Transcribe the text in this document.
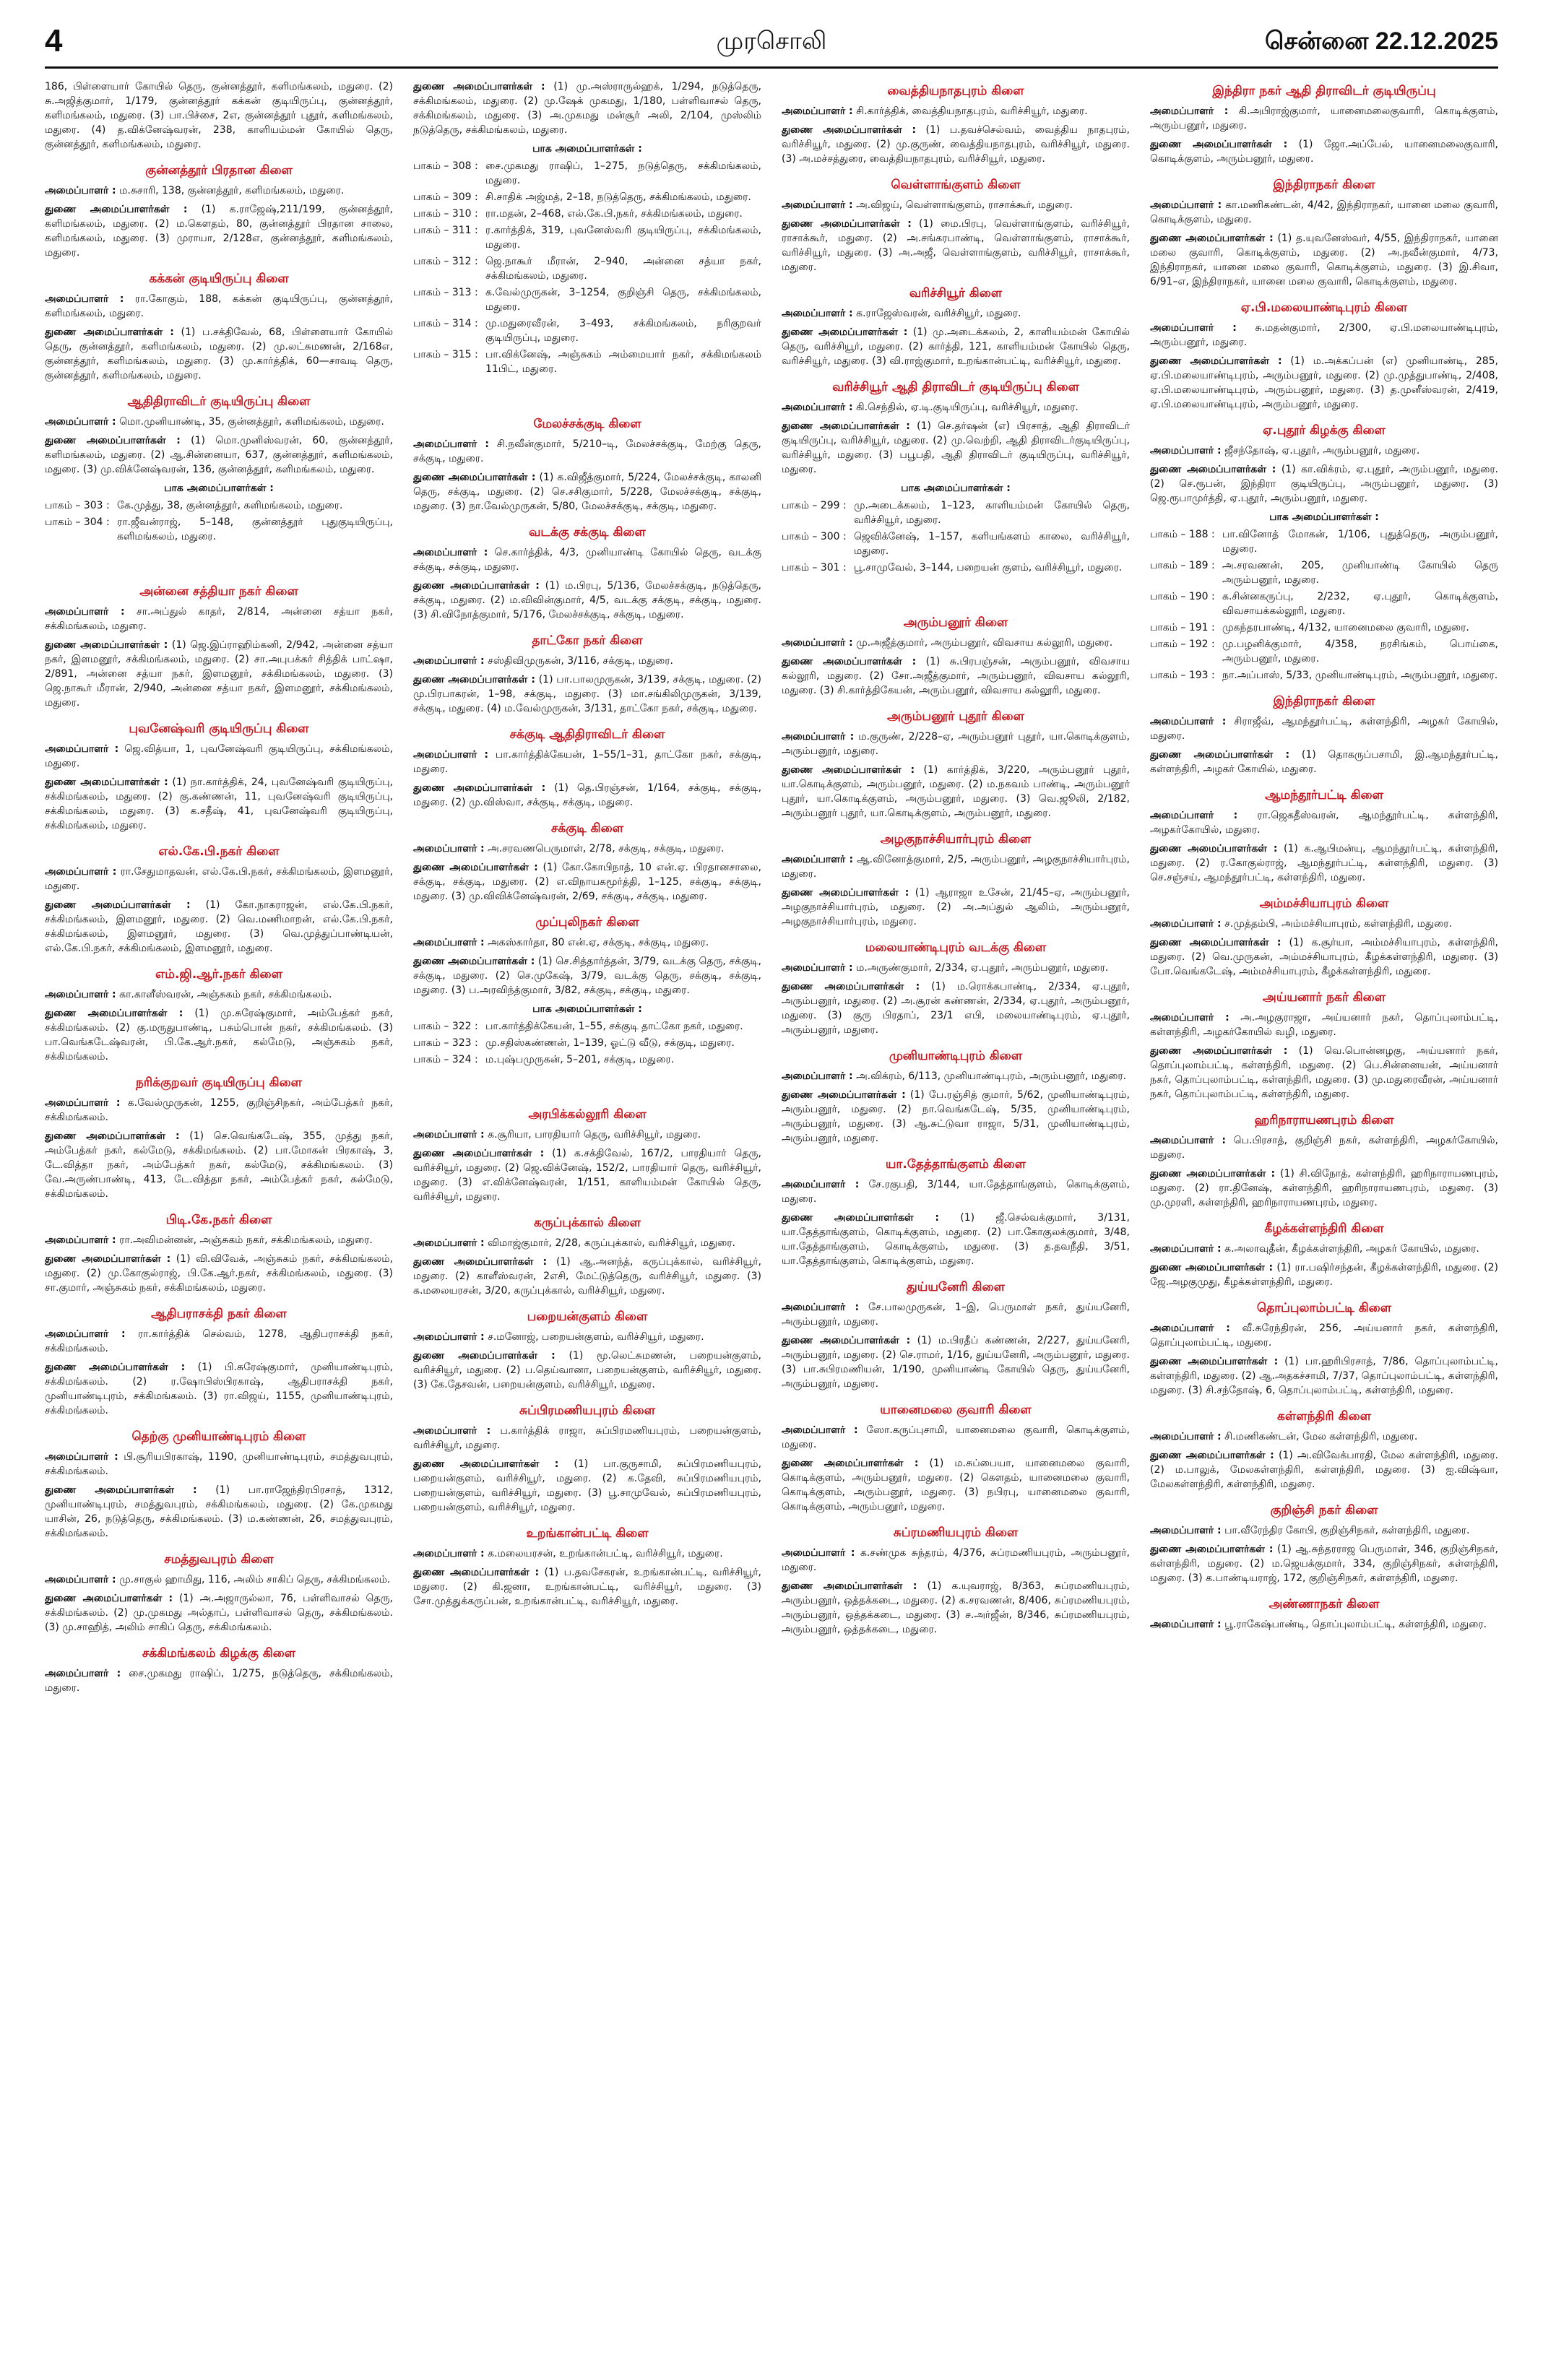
4	முரசொலி	சென்னை 22.12.2025
186, பிள்ளையார் கோயில் தெரு, குன்னத்தூர், களிமங்கலம், மதுரை. (2) சு.அஜித்குமார், 1/179, குன்னத்தூர் கக்கன் குடியிருப்பு, குன்னத்தூர், களிமங்கலம், மதுரை. (3) பா.பிச்சை, 2எ, குன்னத்தூர் புதூர், களிமங்கலம், மதுரை. (4) த.விக்னேஷ்வரன், 238, காளியம்மன் கோயில் தெரு, குன்னத்தூர், களிமங்கலம், மதுரை.
குன்னத்தூர் பிரதான கிளை
அமைப்பாளர் : ம.சுசாரி, 138, குன்னத்தூர், களிமங்கலம், மதுரை.
துணை அமைப்பாளர்கள் : (1) க.ராஜேஷ்,211/199, குன்னத்தூர், களிமங்கலம், மதுரை. (2) ம.கௌதம், 80, குன்னத்தூர் பிரதான சாலை, களிமங்கலம், மதுரை. (3) முராயா, 2/128எ, குன்னத்தூர், களிமங்கலம், மதுரை.
கக்கன் குடியிருப்பு கிளை
அமைப்பாளர் : ரா.கோகும், 188, கக்கன் குடியிருப்பு, குன்னத்தூர், களிமங்கலம், மதுரை.
துணை அமைப்பாளர்கள் : (1) ப.சக்திவேல், 68, பிள்ளையார் கோயில் தெரு, குன்னத்தூர், களிமங்கலம், மதுரை. (2) மு.லட்சுமணன், 2/168எ, குன்னத்தூர், களிமங்கலம், மதுரை. (3) மு.கார்த்திக், 60—சாவடி தெரு, குன்னத்தூர், களிமங்கலம், மதுரை.
ஆதிதிராவிடர் குடியிருப்பு கிளை
அமைப்பாளர் : மொ.முனியாண்டி, 35, குன்னத்தூர், களிமங்கலம், மதுரை.
துணை அமைப்பாளர்கள் : (1) மொ.முனிஸ்வரன், 60, குன்னத்தூர், களிமங்கலம், மதுரை. (2) ஆ.சின்னையா, 637, குன்னத்தூர், களிமங்கலம், மதுரை. (3) மு.விக்னேஷ்வரன், 136, குன்னத்தூர், களிமங்கலம், மதுரை.
பாக அமைப்பாளர்கள் :
பாகம் – 303 : கே.முத்து, 38, குன்னத்தூர், களிமங்கலம், மதுரை.
பாகம் – 304 : ரா.ஜீவன்ராஜ், 5–148, குன்னத்தூர் புதுகுடியிருப்பு, களிமங்கலம், மதுரை.
அன்னை சத்தியா நகர் கிளை
அமைப்பாளர் : சா.அப்துல் காதர், 2/814, அன்னை சத்யா நகர், சக்கிமங்கலம், மதுரை.
துணை அமைப்பாளர்கள் : (1) ஜெ.இப்ராஹிம்கனி, 2/942, அன்னை சத்யா நகர், இளமனூர், சக்கிமங்கலம், மதுரை. (2) சா.அபுபக்கர் சித்திக் பாட்ஷா, 2/891, அன்னை சத்யா நகர், இளமனூர், சக்கிமங்கலம், மதுரை. (3) ஜெ.நாகூர் மீரான், 2/940, அன்னை சத்யா நகர், இளமனூர், சக்கிமங்கலம், மதுரை.
புவனேஷ்வரி குடியிருப்பு கிளை
அமைப்பாளர் : ஜெ.வித்யா, 1, புவனேஷ்வரி குடியிருப்பு, சக்கிமங்கலம், மதுரை.
துணை அமைப்பாளர்கள் : (1) நா.கார்த்திக், 24, புவனேஷ்வரி குடியிருப்பு, சக்கிமங்கலம், மதுரை. (2) கு.கண்ணன், 11, புவனேஷ்வரி குடியிருப்பு, சக்கிமங்கலம், மதுரை. (3) க.சதீஷ், 41, புவனேஷ்வரி குடியிருப்பு, சக்கிமங்கலம், மதுரை.
எல்.கே.பி.நகர் கிளை
அமைப்பாளர் : ரா.சேதுமாதவன், எல்.கே.பி.நகர், சக்கிமங்கலம், இளமனூர், மதுரை.
துணை அமைப்பாளர்கள் : (1) கோ.நாகராஜன், எல்.கே.பி.நகர், சக்கிமங்கலம், இளமனூர், மதுரை. (2) வெ.மணிமாறன், எல்.கே.பி.நகர், சக்கிமங்கலம், இளமனூர், மதுரை. (3) வெ.முத்துப்பாண்டியன், எல்.கே.பி.நகர், சக்கிமங்கலம், இளமனூர், மதுரை.
எம்.ஜி.ஆர்.நகர் கிளை
அமைப்பாளர் : கா.காளீஸ்வரன், அஞ்சுகம் நகர், சக்கிமங்கலம்.
துணை அமைப்பாளர்கள் : (1) மு.சுரேஷ்குமார், அம்பேத்கர் நகர், சக்கிமங்கலம். (2) கு.மருதுபாண்டி, பசும்பொன் நகர், சக்கிமங்கலம். (3) பா.வெங்கடேஷ்வரன், பி.கே.ஆர்.நகர், கல்மேடு, அஞ்சுகம் நகர், சக்கிமங்கலம்.
நரிக்குறவர் குடியிருப்பு கிளை
அமைப்பாளர் : க.வேல்முருகன், 1255, குறிஞ்சிநகர், அம்பேத்கர் நகர், சக்கிமங்கலம்.
துணை அமைப்பாளர்கள் : (1) செ.வெங்கடேஷ், 355, முத்து நகர், அம்பேத்கர் நகர், கல்மேடு, சக்கிமங்கலம். (2) பா.மோகன் பிரகாஷ், 3, டே.வித்தா நகர், அம்பேத்கர் நகர், கல்மேடு, சக்கிமங்கலம். (3) வே.அருண்பாண்டி, 413, டே.வித்தா நகர், அம்பேத்கர் நகர், கல்மேடு, சக்கிமங்கலம்.
பிடி.கே.நகர் கிளை
அமைப்பாளர் : ரா.அவிமன்னன், அஞ்சுகம் நகர், சக்கிமங்கலம், மதுரை.
துணை அமைப்பாளர்கள் : (1) வி.விவேக், அஞ்சுகம் நகர், சக்கிமங்கலம், மதுரை. (2) மு.கோகுல்ராஜ், பி.கே.ஆர்.நகர், சக்கிமங்கலம், மதுரை. (3) சா.குமார், அஞ்சுகம் நகர், சக்கிமங்கலம், மதுரை.
ஆதிபராசக்தி நகர் கிளை
அமைப்பாளர் : ரா.கார்த்திக் செல்வம், 1278, ஆதிபராசக்தி நகர், சக்கிமங்கலம்.
துணை அமைப்பாளர்கள் : (1) பி.சுரேஷ்குமார், முனியாண்டிபுரம், சக்கிமங்கலம். (2) ர.ஷோபிஸ்பிரகாஷ், ஆதிபராசக்தி நகர், முனியாண்டிபுரம், சக்கிமங்கலம். (3) ரா.விஜய், 1155, முனியாண்டிபுரம், சக்கிமங்கலம்.
தெற்கு முனியாண்டிபுரம் கிளை
அமைப்பாளர் : பி.சூரியபிரகாஷ், 1190, முனியாண்டிபுரம், சமத்துவபுரம், சக்கிமங்கலம்.
துணை அமைப்பாளர்கள் : (1) பா.ராஜேந்திரபிரசாத், 1312, முனியாண்டிபுரம், சமத்துவபுரம், சக்கிமங்கலம், மதுரை. (2) கே.முகமது யாசின், 26, நடுத்தெரு, சக்கிமங்கலம். (3) ம.கண்ணன், 26, சமத்துவபுரம், சக்கிமங்கலம்.
சமத்துவபுரம் கிளை
அமைப்பாளர் : மு.சாகுல் ஹாமிது, 116, அலிம் சாகிப் தெரு, சக்கிமங்கலம்.
துணை அமைப்பாளர்கள் : (1) அ.அஜாருல்லா, 76, பள்ளிவாசல் தெரு, சக்கிமங்கலம். (2) மு.முகமது அல்தாப், பள்ளிவாசல் தெரு, சக்கிமங்கலம். (3) மு.சாஹித், அலிம் சாகிப் தெரு, சக்கிமங்கலம்.
சக்கிமங்கலம் கிழக்கு கிளை
அமைப்பாளர் : சை.முகமது ராஷிப், 1/275, நடுத்தெரு, சக்கிமங்கலம், மதுரை.
துணை அமைப்பாளர்கள் : (1) மு.அஸ்ராருல்ஹக், 1/294, நடுத்தெரு, சக்கிமங்கலம், மதுரை. (2) மு.ஷேக் முகமது, 1/180, பள்ளிவாசல் தெரு, சக்கிமங்கலம், மதுரை. (3) அ.முகமது மன்சூர் அலி, 2/104, முஸ்லிம் நடுத்தெரு, சக்கிமங்கலம், மதுரை.
பாக அமைப்பாளர்கள் :
பாகம் – 308 : சை.முகமது ராஷிப், 1–275, நடுத்தெரு, சக்கிமங்கலம், மதுரை.
பாகம் – 309 : சி.சாதிக் அஜ்மத், 2–18, நடுத்தெரு, சக்கிமங்கலம், மதுரை.
பாகம் – 310 : ரா.மதன், 2–468, எல்.கே.பி.நகர், சக்கிமங்கலம், மதுரை.
பாகம் – 311 : ர.கார்த்திக், 319, புவனேஸ்வரி குடியிருப்பு, சக்கிமங்கலம், மதுரை.
பாகம் – 312 : ஜெ.நாகூர் மீரான், 2–940, அன்னை சத்யா நகர், சக்கிமங்கலம், மதுரை.
பாகம் – 313 : க.வேல்முருகன், 3–1254, குறிஞ்சி தெரு, சக்கிமங்கலம், மதுரை.
பாகம் – 314 : மு.மதுரைவீரன், 3–493, சக்கிமங்கலம், நரிகுறவர் குடியிருப்பு, மதுரை.
பாகம் – 315 : பா.விக்னேஷ், அஞ்சுகம் அம்மையார் நகர், சக்கிமங்கலம் 11பிட், மதுரை.
மேலச்சக்குடி கிளை
அமைப்பாளர் : சி.நவீன்குமார், 5/210–டி, மேலச்சக்குடி, மேற்கு தெரு, சக்குடி, மதுரை.
துணை அமைப்பாளர்கள் : (1) க.விஜீத்குமார், 5/224, மேலச்சக்குடி, காலனி தெரு, சக்குடி, மதுரை. (2) செ.சசிகுமார், 5/228, மேலச்சக்குடி, சக்குடி, மதுரை. (3) நா.வேல்முருகன், 5/80, மேலச்சக்குடி, சக்குடி, மதுரை.
வடக்கு சக்குடி கிளை
அமைப்பாளர் : செ.கார்த்திக், 4/3, முனியாண்டி கோயில் தெரு, வடக்கு சக்குடி, சக்குடி, மதுரை.
துணை அமைப்பாளர்கள் : (1) ம.பிரபு, 5/136, மேலச்சக்குடி, நடுத்தெரு, சக்குடி, மதுரை. (2) ம.விவின்குமார், 4/5, வடக்கு சக்குடி, சக்குடி, மதுரை. (3) சி.விநோத்குமார், 5/176, மேலச்சக்குடி, சக்குடி, மதுரை.
தாட்கோ நகர் கிளை
அமைப்பாளர் : சஸ்திவிமுருகன், 3/116, சக்குடி, மதுரை.
துணை அமைப்பாளர்கள் : (1) பா.பாலமுருகன், 3/139, சக்குடி, மதுரை. (2) மு.பிரபாகரன், 1–98, சக்குடி, மதுரை. (3) மா.சங்கிலிமுருகன், 3/139, சக்குடி, மதுரை. (4) ம.வேல்முருகன், 3/131, தாட்கோ நகர், சக்குடி, மதுரை.
சக்குடி ஆதிதிராவிடர் கிளை
அமைப்பாளர் : பா.கார்த்திக்கேயன், 1–55/1–31, தாட்கோ நகர், சக்குடி, மதுரை.
துணை அமைப்பாளர்கள் : (1) தெ.பிரஞ்சன், 1/164, சக்குடி, சக்குடி, மதுரை. (2) மு.விஸ்வா, சக்குடி, சக்குடி, மதுரை.
சக்குடி கிளை
அமைப்பாளர் : அ.சரவணபெருமாள், 2/78, சக்குடி, சக்குடி, மதுரை.
துணை அமைப்பாளர்கள் : (1) கோ.கோபிநாத், 10 என்.ஏ. பிரதானசாலை, சக்குடி, சக்குடி, மதுரை. (2) எ.விநாயகமூர்த்தி, 1–125, சக்குடி, சக்குடி, மதுரை. (3) மு.விவிக்னேஷ்வரன், 2/69, சக்குடி, சக்குடி, மதுரை.
முப்புலிநகர் கிளை
அமைப்பாளர் : அகஸ்கார்தா, 80 என்.ஏ, சக்குடி, சக்குடி, மதுரை.
துணை அமைப்பாளர்கள் : (1) செ.சித்தார்த்தன், 3/79, வடக்கு தெரு, சக்குடி, சக்குடி, மதுரை. (2) செ.முகேஷ், 3/79, வடக்கு தெரு, சக்குடி, சக்குடி, மதுரை. (3) ப.அரவிந்த்குமார், 3/82, சக்குடி, சக்குடி, மதுரை.
பாக அமைப்பாளர்கள் :
பாகம் – 322 : பா.கார்த்திக்கேயன், 1–55, சக்குடி தாட்கோ நகர், மதுரை.
பாகம் – 323 : மு.சதிஸ்கண்ணன், 1–139, ஓட்டு வீடு, சக்குடி, மதுரை.
பாகம் – 324 : ம.புஷ்பமுருகன், 5–201, சக்குடி, மதுரை.
அரபிக்கல்லூரி கிளை
அமைப்பாளர் : க.சூரியா, பாரதியார் தெரு, வரிச்சியூர், மதுரை.
துணை அமைப்பாளர்கள் : (1) க.சக்திவேல், 167/2, பாரதியார் தெரு, வரிச்சியூர், மதுரை. (2) ஜெ.விக்னேஷ், 152/2, பாரதியார் தெரு, வரிச்சியூர், மதுரை. (3) எ.விக்னேஷ்வரன், 1/151, காளியம்மன் கோயில் தெரு, வரிச்சியூர், மதுரை.
கருப்புக்கால் கிளை
அமைப்பாளர் : விமாஜ்குமார், 2/28, கருப்புக்கால், வரிச்சியூர், மதுரை.
துணை அமைப்பாளர்கள் : (1) ஆ.அனந்த், கருப்புக்கால், வரிச்சியூர், மதுரை. (2) காளீஸ்வரன், 2எசி, மேட்டுத்தெரு, வரிச்சியூர், மதுரை. (3) க.மலையரசன், 3/20, கருப்புக்கால், வரிச்சியூர், மதுரை.
பறையன்குளம் கிளை
அமைப்பாளர் : ச.மனோஜ், பறையன்குளம், வரிச்சியூர், மதுரை.
துணை அமைப்பாளர்கள் : (1) மூ.லெட்சுமணன், பறையன்குளம், வரிச்சியூர், மதுரை. (2) ப.தெய்வானா, பறையன்குளம், வரிச்சியூர், மதுரை. (3) கே.தேசவன், பறையன்குளம், வரிச்சியூர், மதுரை.
சுப்பிரமணியபுரம் கிளை
அமைப்பாளர் : ப.கார்த்திக் ராஜா, சுப்பிரமணியபுரம், பறையன்குளம், வரிச்சியூர், மதுரை.
துணை அமைப்பாளர்கள் : (1) பா.குருசாமி, சுப்பிரமணியபுரம், பறையன்குளம், வரிச்சியூர், மதுரை. (2) க.தேவி, சுப்பிரமணியபுரம், பறையன்குளம், வரிச்சியூர், மதுரை. (3) பூ.சாமுவேல், சுப்பிரமணியபுரம், பறையன்குளம், வரிச்சியூர், மதுரை.
உறங்கான்பட்டி கிளை
அமைப்பாளர் : க.மலையரசன், உறங்கான்பட்டி, வரிச்சியூர், மதுரை.
துணை அமைப்பாளர்கள் : (1) ப.தவசேகரன், உறங்கான்பட்டி, வரிச்சியூர், மதுரை. (2) கி.ஜனா, உறங்கான்பட்டி, வரிச்சியூர், மதுரை. (3) சோ.முத்துக்கருப்பன், உறங்கான்பட்டி, வரிச்சியூர், மதுரை.
வைத்தியநாதபுரம் கிளை
அமைப்பாளர் : சி.கார்த்திக், வைத்தியநாதபுரம், வரிச்சியூர், மதுரை.
துணை அமைப்பாளர்கள் : (1) ப.தவச்செல்வம், வைத்திய நாதபுரம், வரிச்சியூர், மதுரை. (2) மு.குருண், வைத்தியநாதபுரம், வரிச்சியூர், மதுரை. (3) அ.மச்சத்துரை, வைத்தியநாதபுரம், வரிச்சியூர், மதுரை.
வெள்ளாங்குளம் கிளை
அமைப்பாளர் : அ.விஜய், வெள்ளாங்குளம், ராசாக்கூர், மதுரை.
துணை அமைப்பாளர்கள் : (1) மை.பிரபு, வெள்ளாங்குளம், வரிச்சியூர், ராசாக்கூர், மதுரை. (2) அ.சங்கரபாண்டி, வெள்ளாங்குளம், ராசாக்கூர், வரிச்சியூர், மதுரை. (3) அ.அஜீ, வெள்ளாங்குளம், வரிச்சியூர், ராசாக்கூர், மதுரை.
வரிச்சியூர் கிளை
அமைப்பாளர் : க.ராஜேஸ்வரன், வரிச்சியூர், மதுரை.
துணை அமைப்பாளர்கள் : (1) மு.அடைக்கலம், 2, காளியம்மன் கோயில் தெரு, வரிச்சியூர், மதுரை. (2) கார்த்தி, 121, காளியம்மன் கோயில் தெரு, வரிச்சியூர், மதுரை. (3) வி.ராஜ்குமார், உறங்கான்பட்டி, வரிச்சியூர், மதுரை.
வரிச்சியூர் ஆதி திராவிடர் குடியிருப்பு கிளை
அமைப்பாளர் : கி.செந்தில், ஏ.டி.குடியிருப்பு, வரிச்சியூர், மதுரை.
துணை அமைப்பாளர்கள் : (1) செ.தர்ஷன் (எ) பிரசாத், ஆதி திராவிடர் குடியிருப்பு, வரிச்சியூர், மதுரை. (2) மு.வெற்றி, ஆதி திராவிடர்குடியிருப்பு, வரிச்சியூர், மதுரை. (3) பபூபதி, ஆதி திராவிடர் குடியிருப்பு, வரிச்சியூர், மதுரை.
பாக அமைப்பாளர்கள் :
பாகம் – 299 : மு.அடைக்கலம், 1–123, காளியம்மன் கோயில் தெரு, வரிச்சியூர், மதுரை.
பாகம் – 300 : ஜெவிக்னேஷ், 1–157, களியங்களம் காலை, வரிச்சியூர், மதுரை.
பாகம் – 301 : பூ.சாமுவேல், 3–144, பறையன் குளம், வரிச்சியூர், மதுரை.
அரும்பனூர் கிளை
அமைப்பாளர் : மு.அஜீத்குமார், அரும்பனூர், விவசாய கல்லூரி, மதுரை.
துணை அமைப்பாளர்கள் : (1) சு.பிரபஞ்சன், அரும்பனூர், விவசாய கல்லூரி, மதுரை. (2) சோ.அஜீத்குமார், அரும்பனூர், விவசாய கல்லூரி, மதுரை. (3) சி.கார்த்திகேயன், அரும்பனூர், விவசாய கல்லூரி, மதுரை.
அரும்பனூர் புதூர் கிளை
அமைப்பாளர் : ம.குருண், 2/228–ஏ, அரும்பனூர் புதூர், யா.கொடிக்குளம், அரும்பனூர், மதுரை.
துணை அமைப்பாளர்கள் : (1) கார்த்திக், 3/220, அரும்பனூர் புதூர், யா.கொடிக்குளம், அரும்பனூர், மதுரை. (2) ம.நகவம் பாண்டி, அரும்பனூர் புதூர், யா.கொடிக்குளம், அரும்பனூர், மதுரை. (3) வெ.ஜூலி, 2/182, அரும்பனூர் புதூர், யா.கொடிக்குளம், அரும்பனூர், மதுரை.
அழகுநாச்சியார்புரம் கிளை
அமைப்பாளர் : ஆ.வினோத்குமார், 2/5, அரும்பனூர், அழகுநாச்சியார்புரம், மதுரை.
துணை அமைப்பாளர்கள் : (1) ஆராஜா உசேன், 21/45–ஏ, அரும்பனூர், அழகுநாச்சியார்புரம், மதுரை. (2) அ.அப்துல் ஆலிம், அரும்பனூர், அழகுநாச்சியார்புரம், மதுரை.
மலையாண்டிபுரம் வடக்கு கிளை
அமைப்பாளர் : ம.அருண்குமார், 2/334, ஏ.புதூர், அரும்பனூர், மதுரை.
துணை அமைப்பாளர்கள் : (1) ம.ரொக்கபாண்டி, 2/334, ஏ.புதூர், அரும்பனூர், மதுரை. (2) அ.சூரன் கண்ணன், 2/334, ஏ.புதூர், அரும்பனூர், மதுரை. (3) குரு பிரதாப், 23/1 எபி, மலையாண்டிபுரம், ஏ.புதூர், அரும்பனூர், மதுரை.
முனியாண்டிபுரம் கிளை
அமைப்பாளர் : அ.விக்ரம், 6/113, முனியாண்டிபுரம், அரும்பனூர், மதுரை.
துணை அமைப்பாளர்கள் : (1) பே.ரஞ்சித் குமார், 5/62, முனியாண்டிபுரம், அரும்பனூர், மதுரை. (2) நா.வெங்கடேஷ், 5/35, முனியாண்டிபுரம், அரும்பனூர், மதுரை. (3) ஆ.சுட்டுவா ராஜா, 5/31, முனியாண்டிபுரம், அரும்பனூர், மதுரை.
யா.தேத்தாங்குளம் கிளை
அமைப்பாளர் : சே.ரகுபதி, 3/144, யா.தேத்தாங்குளம், கொடிக்குளம், மதுரை.
துணை அமைப்பாளர்கள் : (1) ஜீ.செல்வக்குமார், 3/131, யா.தேத்தாங்குளம், கொடிக்குளம், மதுரை. (2) பா.கோகுலக்குமார், 3/48, யா.தேத்தாங்குளம், கொடிக்குளம், மதுரை. (3) த.தவநீதி, 3/51, யா.தேத்தாங்குளம், கொடிக்குளம், மதுரை.
துய்யனேரி கிளை
அமைப்பாளர் : சே.பாலமுருகன், 1–இ, பெருமாள் நகர், துய்யனேரி, அரும்பனூர், மதுரை.
துணை அமைப்பாளர்கள் : (1) ம.பிரதீப் கண்ணன், 2/227, துய்யனேரி, அரும்பனூர், மதுரை. (2) செ.ராமர், 1/16, துய்யனேரி, அரும்பனூர், மதுரை. (3) பா.சுபிரமணியன், 1/190, முனியாண்டி கோயில் தெரு, துய்யனேரி, அரும்பனூர், மதுரை.
யானைமலை குவாரி கிளை
அமைப்பாளர் : ஸோ.கருப்புசாமி, யானைமலை குவாரி, கொடிக்குளம், மதுரை.
துணை அமைப்பாளர்கள் : (1) ம.சுப்பையா, யானைமலை குவாரி, கொடிக்குளம், அரும்பனூர், மதுரை. (2) கெளதம், யானைமலை குவாரி, கொடிக்குளம், அரும்பனூர், மதுரை. (3) நபிரபு, யானைமலை குவாரி, கொடிக்குளம், அரும்பனூர், மதுரை.
சுப்ரமணியபுரம் கிளை
அமைப்பாளர் : க.சண்முக சுந்தரம், 4/376, சுப்ரமணியபுரம், அரும்பனூர், மதுரை.
துணை அமைப்பாளர்கள் : (1) க.யுவராஜ், 8/363, சுப்ரமணியபுரம், அரும்பனூர், ஒத்தக்கடை, மதுரை. (2) க.சரவணன், 8/406, சுப்ரமணியபுரம், அரும்பனூர், ஒத்தக்கடை, மதுரை. (3) ச.அர்ஜீன், 8/346, சுப்ரமணியபுரம், அரும்பனூர், ஒத்தக்கடை, மதுரை.
இந்திரா நகர் ஆதி திராவிடர் குடியிருப்பு
அமைப்பாளர் : கி.அபிராஜ்குமார், யானைமலைகுவாரி, கொடிக்குளம், அரும்பனூர், மதுரை.
துணை அமைப்பாளர்கள் : (1) ஜோ.அப்பேல், யானைமலைகுவாரி, கொடிக்குளம், அரும்பனூர், மதுரை.
இந்திராநகர் கிளை
அமைப்பாளர் : கா.மணிகண்டன், 4/42, இந்திராநகர், யானை மலை குவாரி, கொடிக்குளம், மதுரை.
துணை அமைப்பாளர்கள் : (1) த.யுவனேஸ்வர், 4/55, இந்திராநகர், யானை மலை குவாரி, கொடிக்குளம், மதுரை. (2) அ.நவீன்குமார், 4/73, இந்திராநகர், யானை மலை குவாரி, கொடிக்குளம், மதுரை. (3) இ.சிவா, 6/91–எ, இந்திராநகர், யானை மலை குவாரி, கொடிக்குளம், மதுரை.
ஏ.பி.மலையாண்டிபுரம் கிளை
அமைப்பாளர் : சு.மதன்குமார், 2/300, ஏ.பி.மலையாண்டிபுரம், அரும்பனூர், மதுரை.
துணை அமைப்பாளர்கள் : (1) ம.அக்கப்பன் (எ) முனியாண்டி, 285, ஏ.பி.மலையாண்டிபுரம், அரும்பனூர், மதுரை. (2) மு.முத்துபாண்டி, 2/408, ஏ.பி.மலையாண்டிபுரம், அரும்பனூர், மதுரை. (3) த.முனீஸ்வரன், 2/419, ஏ.பி.மலையாண்டிபுரம், அரும்பனூர், மதுரை.
ஏ.புதூர் கிழக்கு கிளை
அமைப்பாளர் : ஜீசந்தோஷ், ஏ.புதூர், அரும்பனூர், மதுரை.
துணை அமைப்பாளர்கள் : (1) கா.விக்ரம், ஏ.புதூர், அரும்பனூர், மதுரை. (2) செ.ரூபன், இந்திரா குடியிருப்பு, அரும்பனூர், மதுரை. (3) ஜெ.ரூபாமுர்த்தி, ஏ.புதூர், அரும்பனூர், மதுரை.
பாக அமைப்பாளர்கள் :
பாகம் – 188 : பா.வினோத் மோகன், 1/106, புதுத்தெரு, அரும்பனூர், மதுரை.
பாகம் – 189 : அ.சரவணன், 205, முனியாண்டி கோயில் தெரு அரும்பனூர், மதுரை.
பாகம் – 190 : க.சின்னகருப்பு, 2/232, ஏ.புதூர், கொடிக்குளம், விவசாயக்கல்லூரி, மதுரை.
பாகம் – 191 : முகந்தரபாண்டி, 4/132, யானைமலை குவாரி, மதுரை.
பாகம் – 192 : மு.பழனிக்குமார், 4/358, நரசிங்கம், பொய்கை, அரும்பனூர், மதுரை.
பாகம் – 193 : நா.அப்பாஸ், 5/33, முனியாண்டிபுரம், அரும்பனூர், மதுரை.
இந்திராநகர் கிளை
அமைப்பாளர் : சிராஜீவ், ஆமந்தூர்பட்டி, கள்ளந்திரி, அழகர் கோயில், மதுரை.
துணை அமைப்பாளர்கள் : (1) தொகருப்பசாமி, இ.ஆமந்தூர்பட்டி, கள்ளந்திரி, அழகர் கோயில், மதுரை.
ஆமந்தூர்பட்டி கிளை
அமைப்பாளர் : ரா.ஜெகதீஸ்வரன், ஆமந்தூர்பட்டி, கள்ளந்திரி, அழகர்கோயில், மதுரை.
துணை அமைப்பாளர்கள் : (1) க.ஆபிமன்யு, ஆமந்தூர்பட்டி, கள்ளந்திரி, மதுரை. (2) ர.கோகுல்ராஜ், ஆமந்தூர்பட்டி, கள்ளந்திரி, மதுரை. (3) செ.சஞ்சய், ஆமந்தூர்பட்டி, கள்ளந்திரி, மதுரை.
அம்மச்சியாபுரம் கிளை
அமைப்பாளர் : ச.முத்தம்பி, அம்மச்சியாபுரம், கள்ளந்திரி, மதுரை.
துணை அமைப்பாளர்கள் : (1) க.சூர்யா, அம்மச்சியாபுரம், கள்ளந்திரி, மதுரை. (2) வெ.முருகன், அம்மச்சியாபுரம், கீழக்கள்ளந்திரி, மதுரை. (3) போ.வெங்கடேஷ், அம்மச்சியாபுரம், கீழக்கள்ளந்திரி, மதுரை.
அய்யனார் நகர் கிளை
அமைப்பாளர் : அ.அழகுராஜா, அய்யனார் நகர், தொப்புலாம்பட்டி, கள்ளந்திரி, அழகர்கோயில் வழி, மதுரை.
துணை அமைப்பாளர்கள் : (1) வெ.பொன்னழகு, அய்யனார் நகர், தொப்புலாம்பட்டி, கள்ளந்திரி, மதுரை. (2) பெ.சின்னையன், அய்யனார் நகர், தொப்புலாம்பட்டி, கள்ளந்திரி, மதுரை. (3) மு.மதுரைவீரன், அய்யனார் நகர், தொப்புலாம்பட்டி, கள்ளந்திரி, மதுரை.
ஹரிநாராயணபுரம் கிளை
அமைப்பாளர் : பெ.பிரசாத், குறிஞ்சி நகர், கள்ளந்திரி, அழகர்கோயில், மதுரை.
துணை அமைப்பாளர்கள் : (1) சி.விநோத், கள்ளந்திரி, ஹரிநாராயணபுரம், மதுரை. (2) ரா.தினேஷ், கள்ளந்திரி, ஹரிநாராயணபுரம், மதுரை. (3) மு.முரளி, கள்ளந்திரி, ஹரிநாராயணபுரம், மதுரை.
கீழக்கள்ளந்திரி கிளை
அமைப்பாளர் : க.அலாவுதீன், கீழக்கள்ளந்திரி, அழகர் கோயில், மதுரை.
துணை அமைப்பாளர்கள் : (1) ரா.பஷிர்சந்தன், கீழக்கள்ளந்திரி, மதுரை. (2) ஜே.அழகுமுது, கீழக்கள்ளந்திரி, மதுரை.
தொப்புலாம்பட்டி கிளை
அமைப்பாளர் : வீ.சுரேந்திரன், 256, அய்யனார் நகர், கள்ளந்திரி, தொப்புலாம்பட்டி, மதுரை.
துணை அமைப்பாளர்கள் : (1) பா.ஹரிபிரசாத், 7/86, தொப்புலாம்பட்டி, கள்ளந்திரி, மதுரை. (2) ஆ.அதகச்சாமி, 7/37, தொப்புலாம்பட்டி, கள்ளந்திரி, மதுரை. (3) சி.சந்தோஷ், 6, தொப்புலாம்பட்டி, கள்ளந்திரி, மதுரை.
கள்ளந்திரி கிளை
அமைப்பாளர் : சி.மணிகண்டன், மேல கள்ளந்திரி, மதுரை.
துணை அமைப்பாளர்கள் : (1) அ.விவேக்பாரதி, மேல கள்ளந்திரி, மதுரை. (2) ம.பாலுக், மேலகள்ளந்திரி, கள்ளந்திரி, மதுரை. (3) ஐ.விஷ்வா, மேலகள்ளந்திரி, கள்ளந்திரி, மதுரை.
குறிஞ்சி நகர் கிளை
அமைப்பாளர் : பா.வீரேந்திர கோபி, குறிஞ்சிநகர், கள்ளந்திரி, மதுரை.
துணை அமைப்பாளர்கள் : (1) ஆ.சுந்தரராஜ பெருமாள், 346, குறிஞ்சிநகர், கள்ளந்திரி, மதுரை. (2) ம.ஜெயக்குமார், 334, குறிஞ்சிநகர், கள்ளந்திரி, மதுரை. (3) க.பாண்டியராஜ், 172, குறிஞ்சிநகர், கள்ளந்திரி, மதுரை.
அண்ணாநகர் கிளை
அமைப்பாளர் : பூ.ராகேஷ்பாண்டி, தொப்புலாம்பட்டி, கள்ளந்திரி, மதுரை.
